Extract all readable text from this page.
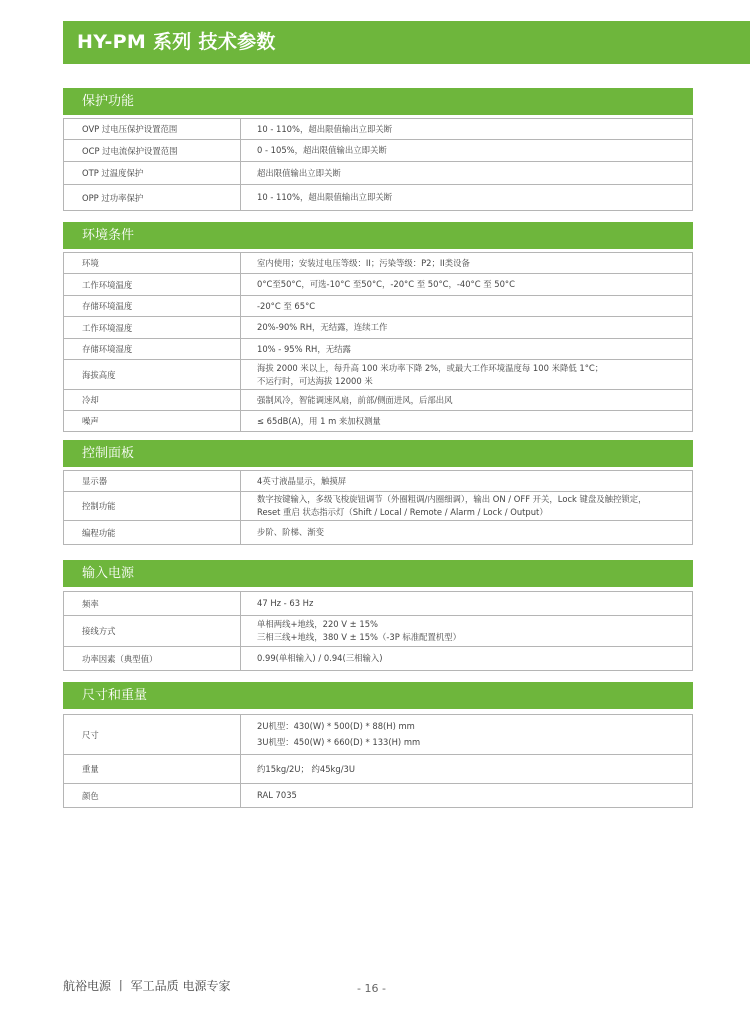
HY-PM 系列 技术参数
保护功能
OVP 过电压保护设置范围	10 - 110%，超出限值输出立即关断
OCP 过电流保护设置范围	0 - 105%，超出限值输出立即关断
OTP 过温度保护	超出限值输出立即关断
OPP 过功率保护	10 - 110%，超出限值输出立即关断
环境条件
环境	室内使用；安装过电压等级：II；污染等级：P2；II类设备
工作环境温度	0°C至50°C，可选-10°C 至50°C，-20°C 至 50°C，-40°C 至 50°C
存储环境温度	-20°C 至 65°C
工作环境湿度	20%-90% RH，无结露，连续工作
存储环境湿度	10% - 95% RH，无结露
海拔高度	海拔 2000 米以上，每升高 100 米功率下降 2%，或最大工作环境温度每 100 米降低 1°C；
不运行时，可达海拔 12000 米

冷却	强制风冷，智能调速风扇，前部/侧面进风，后部出风
噪声	≤ 65dB(A)，用 1 m 来加权测量
控制面板
显示器	4英寸液晶显示，触摸屏
控制功能	数字按键输入，多级飞梭旋钮调节（外圈粗调/内圈细调），输出 ON / OFF 开关，Lock 键盘及触控锁定，
Reset 重启 状态指示灯（Shift / Local / Remote / Alarm / Lock / Output）

编程功能	步阶、阶梯、渐变
输入电源
频率	47 Hz - 63 Hz
接线方式	单相两线+地线，220 V ± 15%
三相三线+地线，380 V ± 15%（-3P 标准配置机型）

功率因素（典型值）	0.99(单相输入) / 0.94(三相输入)
尺寸和重量
尺寸	2U机型：430(W) * 500(D) * 88(H) mm
3U机型：450(W) * 660(D) * 133(H) mm

重量	约15kg/2U； 约45kg/3U
颜色	RAL 7035
航裕电源 丨 军工品质 电源专家	- 16 -
